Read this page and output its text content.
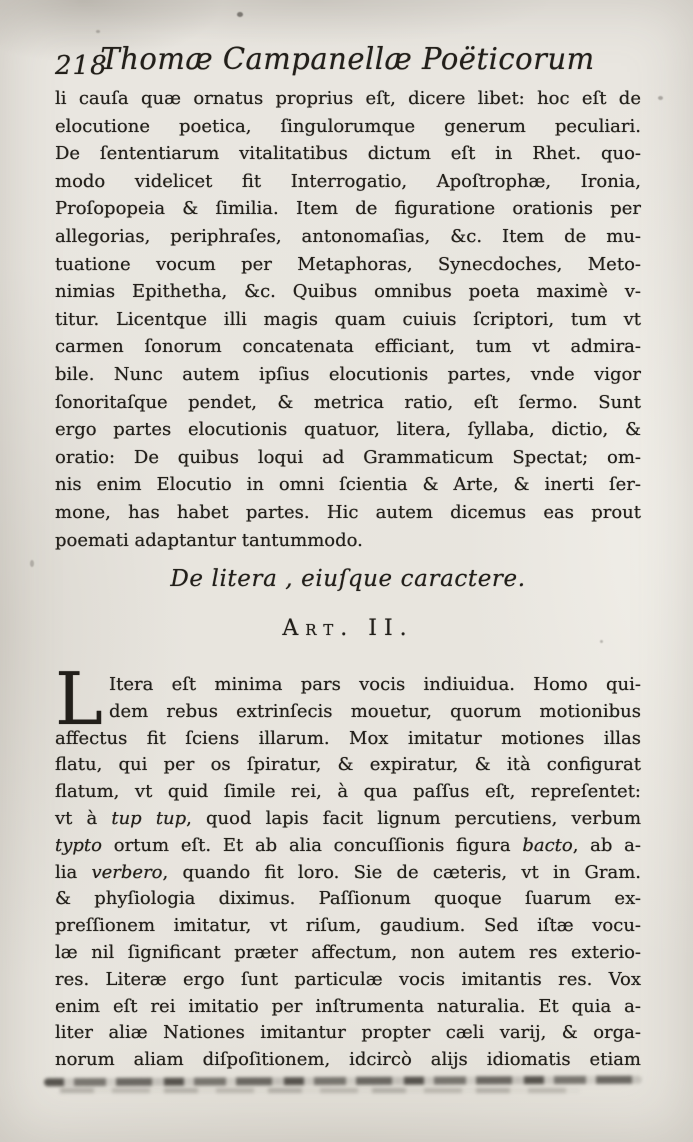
218
Thomæ Campanellæ Poëticorum
li cauſa quæ ornatus proprius eſt, dicere libet: hoc eſt de
elocutione poetica, ſingulorumque generum peculiari.
De ſententiarum vitalitatibus dictum eſt in Rhet. quo-
modo videlicet fit Interrogatio, Apoſtrophæ, Ironia,
Proſopopeia & ſimilia. Item de figuratione orationis per
allegorias, periphraſes, antonomaſias, &c. Item de mu-
tuatione vocum per Metaphoras, Synecdoches, Meto-
nimias Epithetha, &c. Quibus omnibus poeta maximè v-
titur. Licentque illi magis quam cuiuis ſcriptori, tum vt
carmen ſonorum concatenata efficiant, tum vt admira-
bile. Nunc autem ipſius elocutionis partes, vnde vigor
ſonoritaſque pendet, & metrica ratio, eſt ſermo. Sunt
ergo partes elocutionis quatuor, litera, ſyllaba, dictio, &
oratio: De quibus loqui ad Grammaticum Spectat; om-
nis enim Elocutio in omni ſcientia & Arte, & inerti ſer-
mone, has habet partes. Hic autem dicemus eas prout
poemati adaptantur tantummodo.
De litera , eiuſque caractere.
Art. II.
L Itera eſt minima pars vocis indiuidua. Homo qui-
dem rebus extrinſecis mouetur, quorum motionibus
affectus fit ſciens illarum. Mox imitatur motiones illas
flatu, qui per os ſpiratur, & expiratur, & ità configurat
flatum, vt quid ſimile rei, à qua paſſus eſt, repreſentet:
vt à tup tup, quod lapis facit lignum percutiens, verbum
typto ortum eſt. Et ab alia concuſſionis figura bacto, ab a-
lia verbero, quando fit loro. Sie de cæteris, vt in Gram.
& phyſiologia diximus. Paſſionum quoque ſuarum ex-
preſſionem imitatur, vt riſum, gaudium. Sed iſtæ vocu-
læ nil ſignificant præter affectum, non autem res exterio-
res. Literæ ergo ſunt particulæ vocis imitantis res. Vox
enim eſt rei imitatio per inſtrumenta naturalia. Et quia a-
liter aliæ Nationes imitantur propter cæli varij, & orga-
norum aliam diſpoſitionem, idcircò alijs idiomatis etiam
